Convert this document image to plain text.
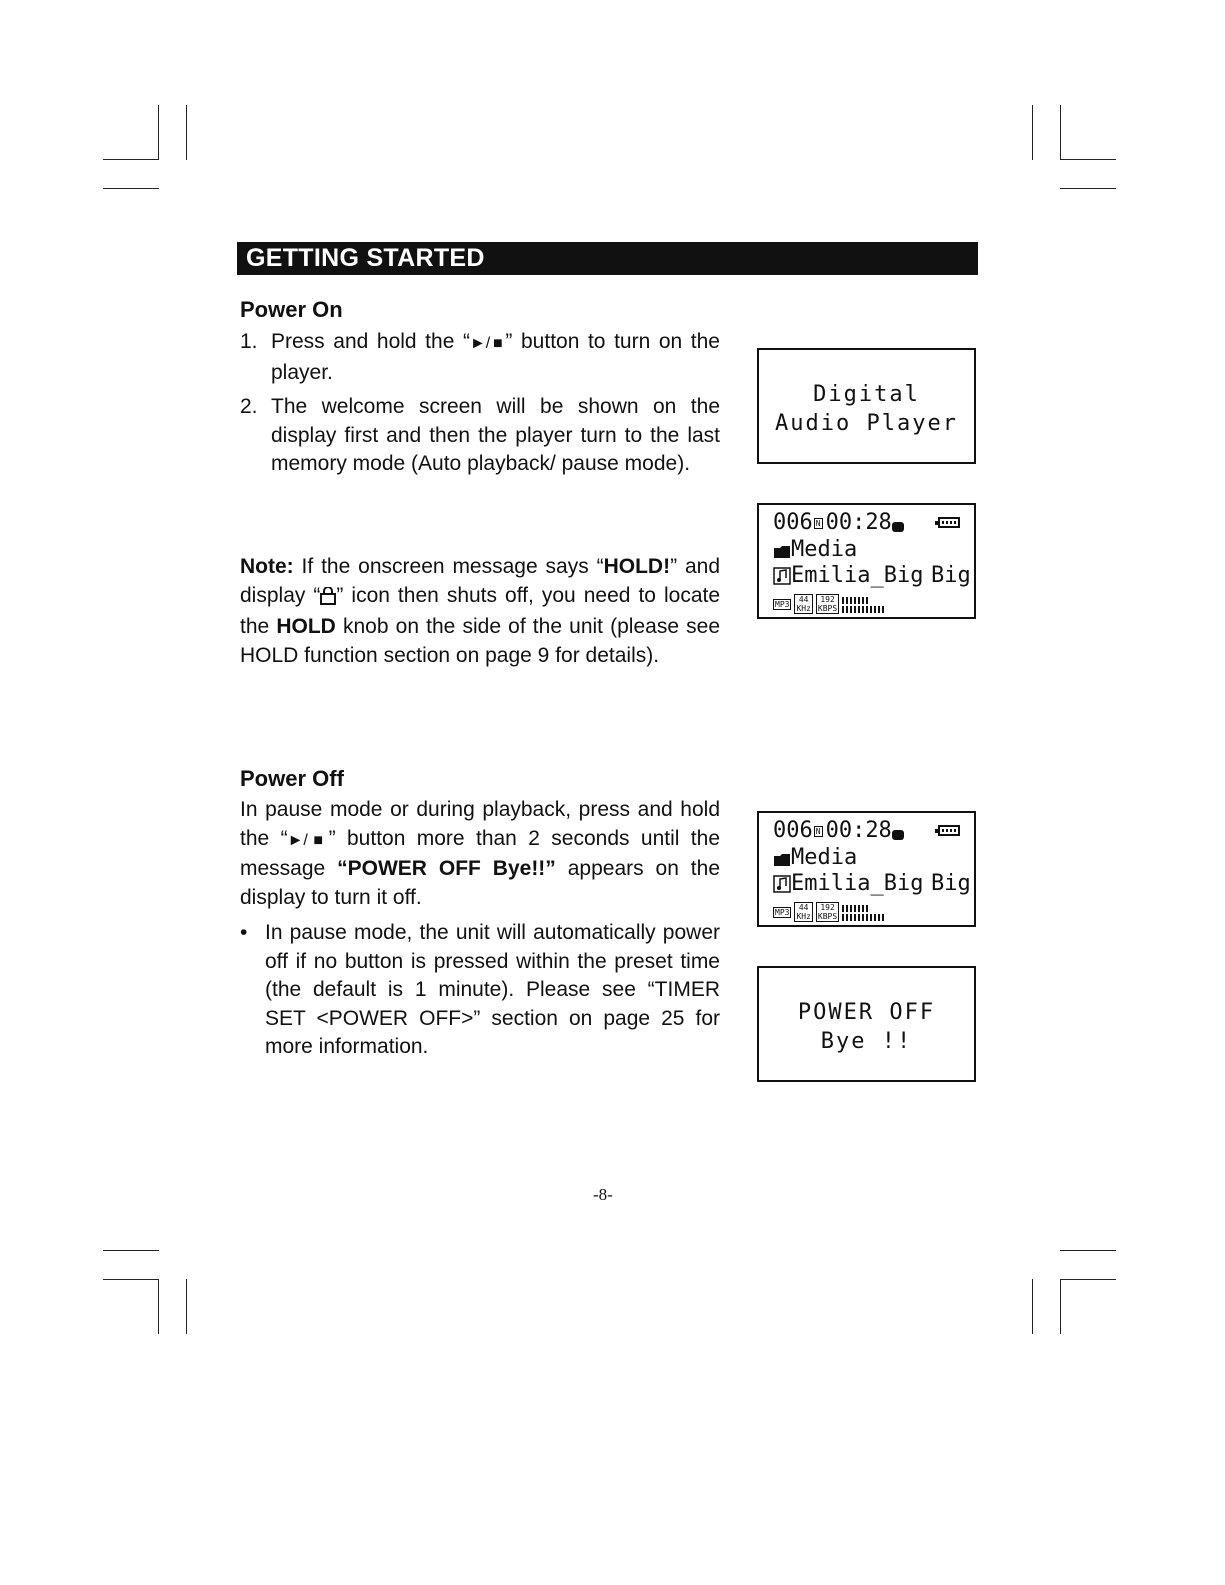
GETTING STARTED
Power On
1. Press and hold the “►/■” button to turn on the player.
2. The welcome screen will be shown on the display first and then the player turn to the last memory mode (Auto playback/ pause mode).
Note: If the onscreen message says “HOLD!” and display “ ” icon then shuts off, you need to locate the HOLD knob on the side of the unit (please see HOLD function section on page 9 for details).
Power Off
In pause mode or during playback, press and hold the “►/■” button more than 2 seconds until the message “POWER OFF Bye!!” appears on the display to turn it off.
• In pause mode, the unit will automatically power off if no button is pressed within the preset time (the default is 1 minute). Please see “TIMER SET <POWER OFF>” section on page 25 for more information.
Digital
Audio Player
006 N 00:28
Media
Emilia_Big Big
MP3 44
KHz192
KBPS
006 N 00:28
Media
Emilia_Big Big
MP3 44
KHz192
KBPS
POWER OFF
Bye !!
-8-
